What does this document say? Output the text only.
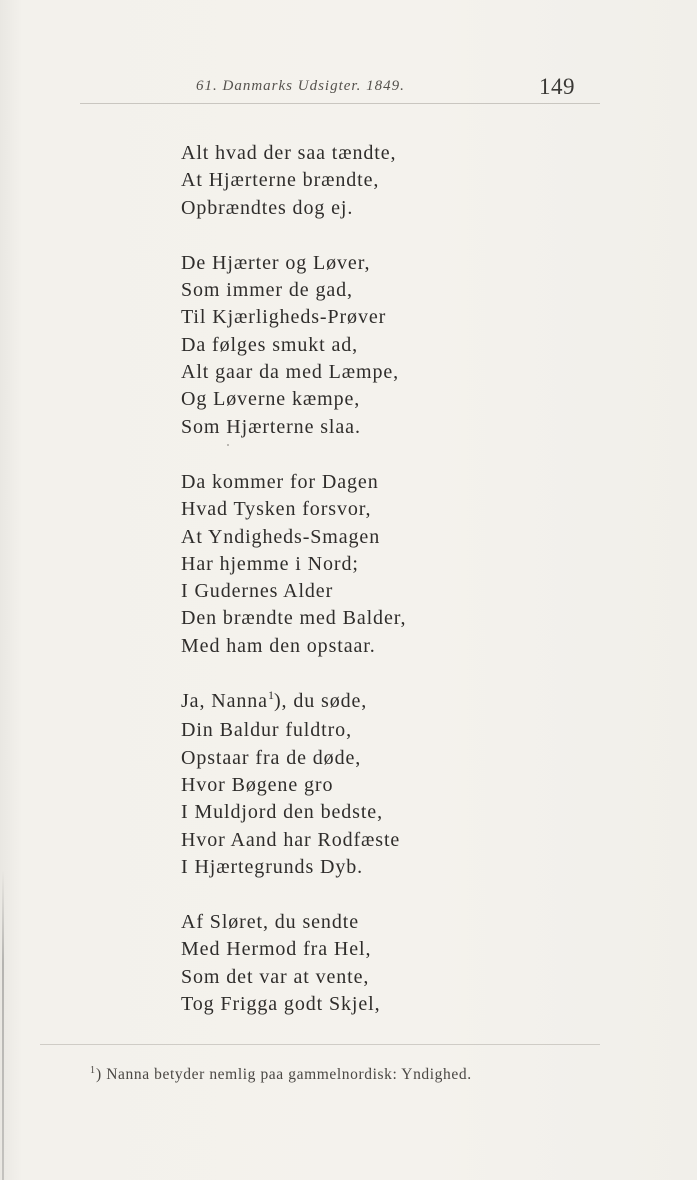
61. Danmarks Udsigter. 1849.	149
Alt hvad der saa tændte,
At Hjærterne brændte,
Opbrændtes dog ej.
De Hjærter og Løver,
Som immer de gad,
Til Kjærligheds-Prøver
Da følges smukt ad,
Alt gaar da med Læmpe,
Og Løverne kæmpe,
Som Hjærterne slaa.
Da kommer for Dagen
Hvad Tysken forsvor,
At Yndigheds-Smagen
Har hjemme i Nord;
I Gudernes Alder
Den brændte med Balder,
Med ham den opstaar.
Ja, Nanna$^1$), du søde,
Din Baldur fuldtro,
Opstaar fra de døde,
Hvor Bøgene gro
I Muldjord den bedste,
Hvor Aand har Rodfæste
I Hjærtegrunds Dyb.
Af Sløret, du sendte
Med Hermod fra Hel,
Som det var at vente,
Tog Frigga godt Skjel,
$^1$) Nanna betyder nemlig paa gammelnordisk: Yndighed.
